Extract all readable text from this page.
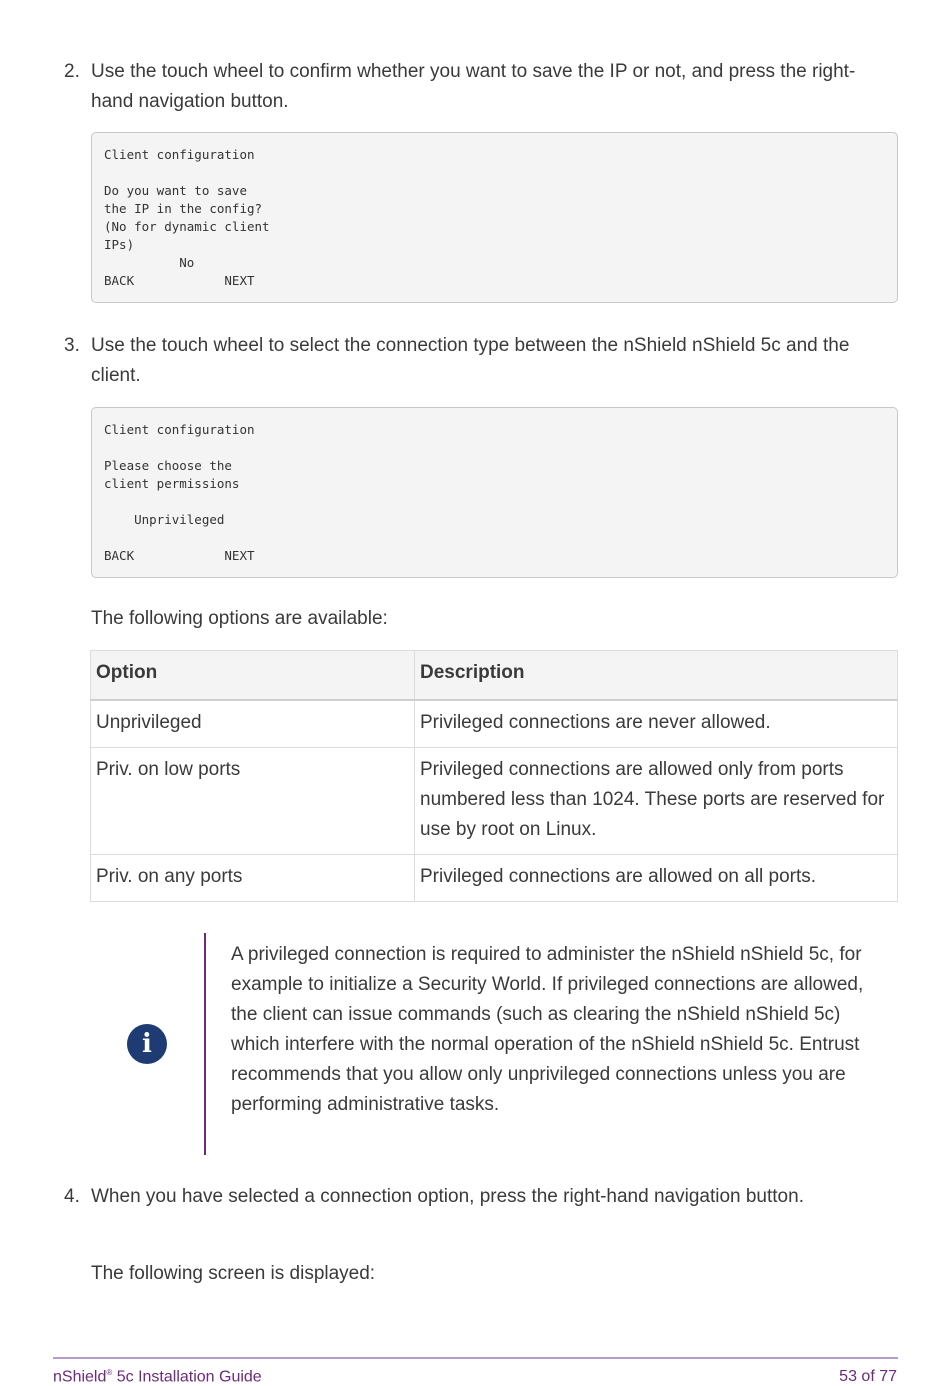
2. Use the touch wheel to confirm whether you want to save the IP or not, and press the right-hand navigation button.
Client configuration

Do you want to save
the IP in the config?
(No for dynamic client
IPs)
No
BACK            NEXT
3. Use the touch wheel to select the connection type between the nShield nShield 5c and the client.
Client configuration

Please choose the
client permissions

Unprivileged

BACK            NEXT
The following options are available:
Option	Description
Unprivileged	Privileged connections are never allowed.
Priv. on low ports	Privileged connections are allowed only from ports numbered less than 1024. These ports are reserved for use by root on Linux.
Priv. on any ports	Privileged connections are allowed on all ports.
i
A privileged connection is required to administer the nShield nShield 5c, for example to initialize a Security World. If privileged connections are allowed, the client can issue commands (such as clearing the nShield nShield 5c) which interfere with the normal operation of the nShield nShield 5c. Entrust recommends that you allow only unprivileged connections unless you are performing administrative tasks.
4. When you have selected a connection option, press the right-hand navigation button.
The following screen is displayed:
nShield® 5c Installation Guide	53 of 77
